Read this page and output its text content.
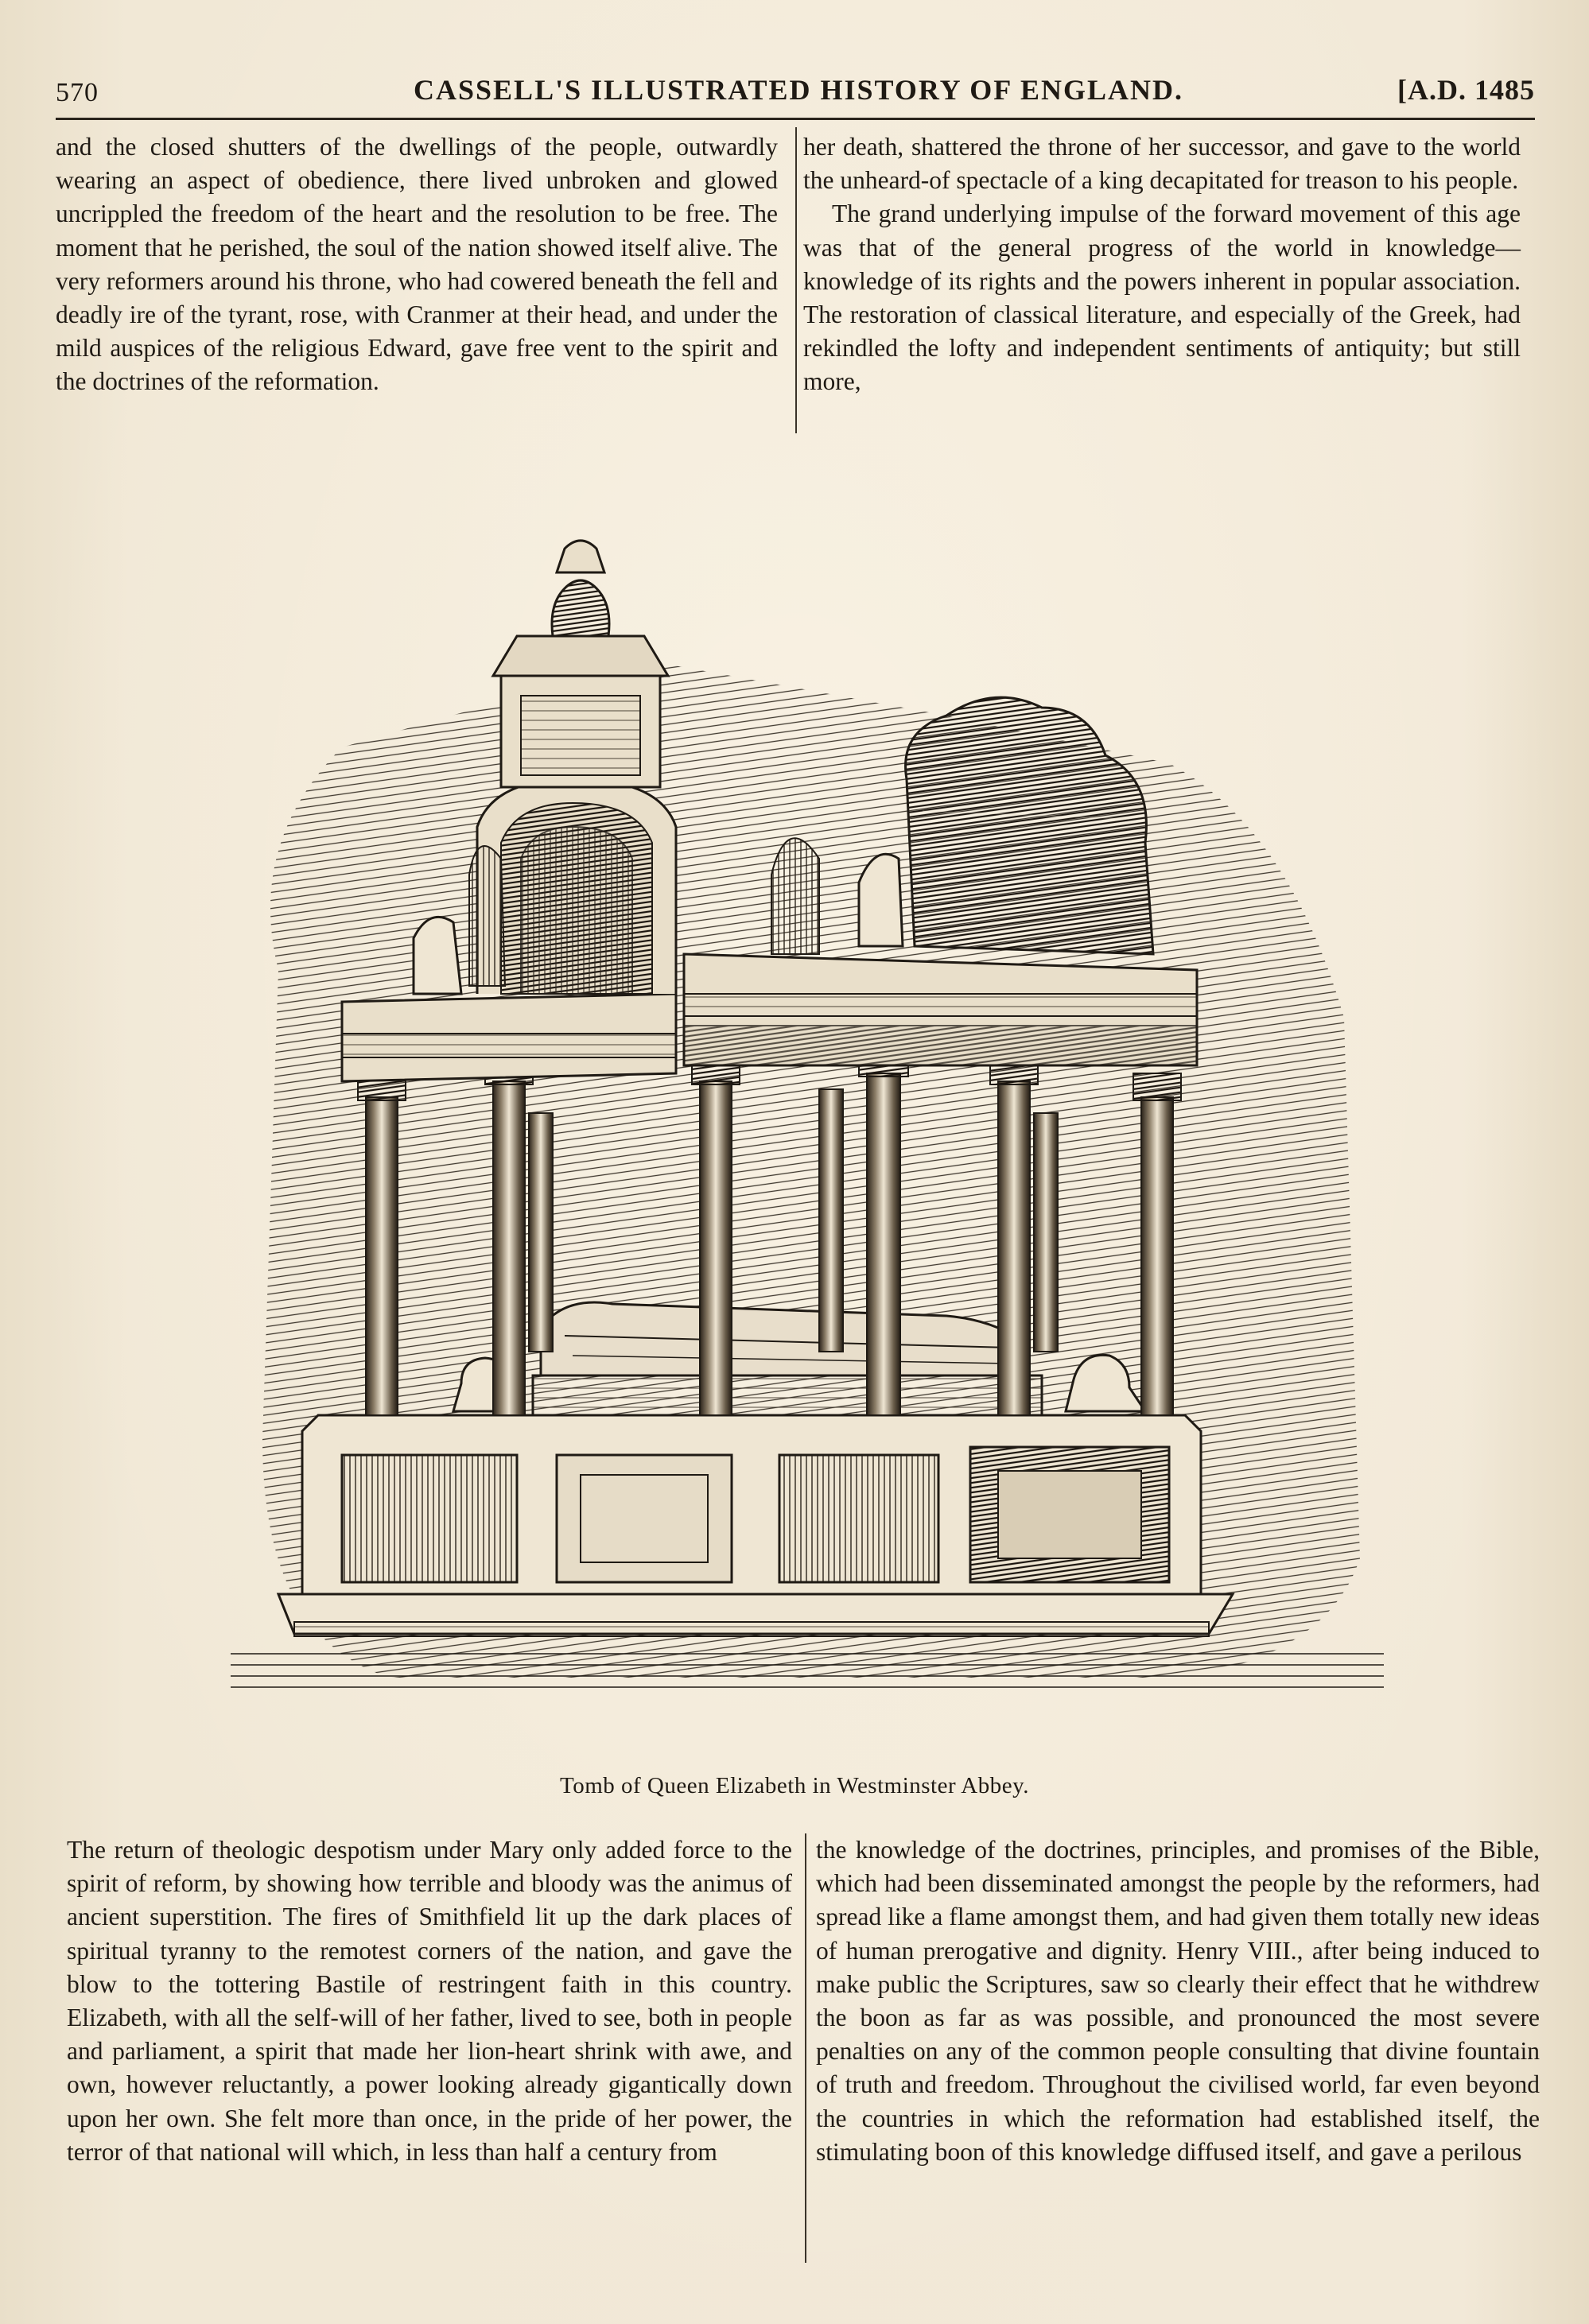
570	CASSELL'S ILLUSTRATED HISTORY OF ENGLAND.	[A.D. 1485

and the closed shutters of the dwellings of the people, outwardly wearing an aspect of obedience, there lived unbroken and glowed uncrippled the freedom of the heart and the resolution to be free. The moment that he perished, the soul of the nation showed itself alive. The very reformers around his throne, who had cowered beneath the fell and deadly ire of the tyrant, rose, with Cranmer at their head, and under the mild auspices of the religious Edward, gave free vent to the spirit and the doctrines of the reformation.

her death, shattered the throne of her successor, and gave to the world the unheard-of spectacle of a king decapitated for treason to his people.

The grand underlying impulse of the forward movement of this age was that of the general progress of the world in knowledge—knowledge of its rights and the powers inherent in popular association. The restoration of classical literature, and especially of the Greek, had rekindled the lofty and independent sentiments of antiquity; but still more,

Tomb of Queen Elizabeth in Westminster Abbey.

The return of theologic despotism under Mary only added force to the spirit of reform, by showing how terrible and bloody was the animus of ancient superstition. The fires of Smithfield lit up the dark places of spiritual tyranny to the remotest corners of the nation, and gave the blow to the tottering Bastile of restringent faith in this country. Elizabeth, with all the self-will of her father, lived to see, both in people and parliament, a spirit that made her lion-heart shrink with awe, and own, however reluctantly, a power looking already gigantically down upon her own. She felt more than once, in the pride of her power, the terror of that national will which, in less than half a century from

the knowledge of the doctrines, principles, and promises of the Bible, which had been disseminated amongst the people by the reformers, had spread like a flame amongst them, and had given them totally new ideas of human prerogative and dignity. Henry VIII., after being induced to make public the Scriptures, saw so clearly their effect that he withdrew the boon as far as was possible, and pronounced the most severe penalties on any of the common people consulting that divine fountain of truth and freedom. Throughout the civilised world, far even beyond the countries in which the reformation had established itself, the stimulating boon of this knowledge diffused itself, and gave a perilous
